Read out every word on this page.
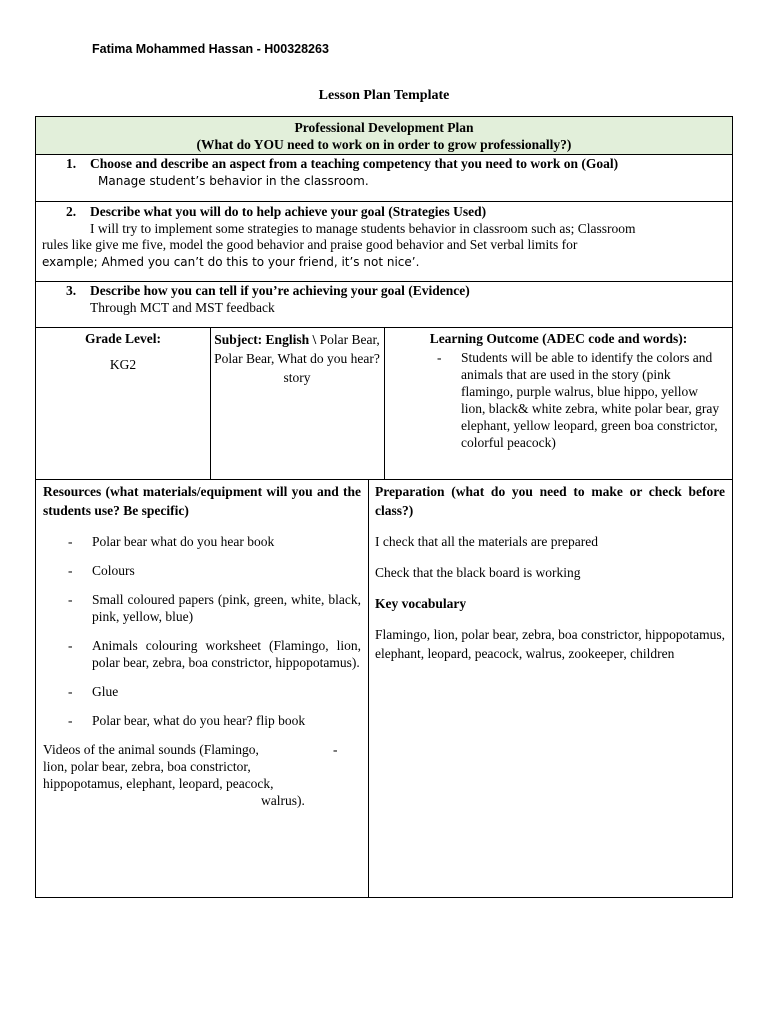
Fatima Mohammed Hassan - H00328263
Lesson Plan Template
Professional Development Plan
(What do YOU need to work on in order to grow professionally?)
1. Choose and describe an aspect from a teaching competency that you need to work on (Goal)
Manage student’s behavior in the classroom.
2. Describe what you will do to help achieve your goal (Strategies Used)
I will try to implement some strategies to manage students behavior in classroom such as; Classroom
rules like give me five, model the good behavior and praise good behavior and Set verbal limits for
example; Ahmed you can’t do this to your friend, it’s not nice’.
3. Describe how you can tell if you’re achieving your goal (Evidence)
Through MCT and MST feedback
Grade Level:
KG2
Subject: English \ Polar Bear, Polar Bear, What do you hear? story
Learning Outcome (ADEC code and words):
- Students will be able to identify the colors and animals that are used in the story (pink flamingo, purple walrus, blue hippo, yellow lion, black& white zebra, white polar bear, gray elephant, yellow leopard, green boa constrictor, colorful peacock)
Resources (what materials/equipment will you and the students use? Be specific)
- Polar bear what do you hear book
- Colours
- Small coloured papers (pink, green, white, black, pink, yellow, blue)
- Animals colouring worksheet (Flamingo, lion, polar bear, zebra, boa constrictor, hippopotamus).
- Glue
- Polar bear, what do you hear? flip book
Videos of the animal sounds (Flamingo,	-
lion, polar bear, zebra, boa constrictor,
hippopotamus, elephant, leopard, peacock,
walrus).
Preparation (what do you need to make or check before class?)
I check that all the materials are prepared
Check that the black board is working
Key vocabulary
Flamingo, lion, polar bear, zebra, boa constrictor, hippopotamus, elephant, leopard, peacock, walrus, zookeeper, children
